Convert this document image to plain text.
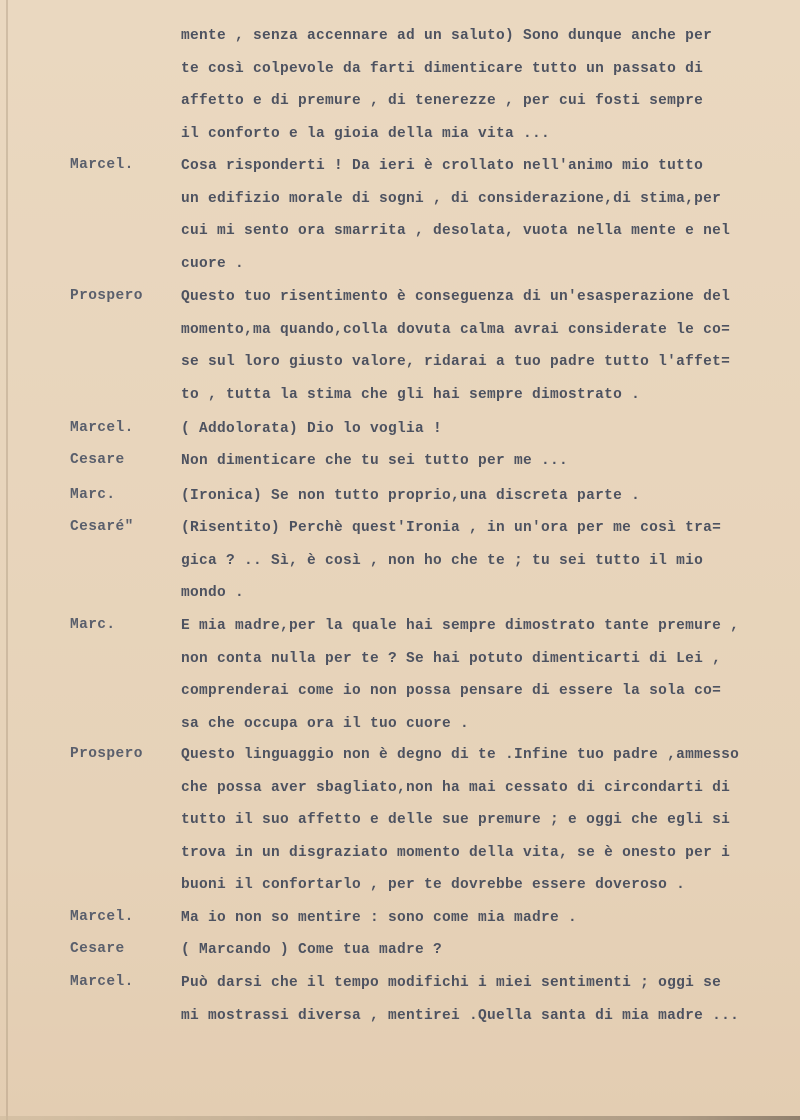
mente , senza accennare ad un saluto) Sono dunque anche per
te così colpevole da farti dimenticare tutto un passato di
affetto e di premure , di tenerezze , per cui fosti sempre
il conforto e la gioia della mia vita ...
Marcel.	Cosa risponderti ! Da ieri è crollato nell'animo mio tutto
un edifizio morale di sogni , di considerazione,di stima,per
cui mi sento ora smarrita , desolata, vuota nella mente e nel
cuore .
Prospero	Questo tuo risentimento è conseguenza di un'esasperazione del
momento,ma quando,colla dovuta calma avrai considerate le co=
se sul loro giusto valore, ridarai a tuo padre tutto l'affet=
to , tutta la stima che gli hai sempre dimostrato .
Marcel.	( Addolorata) Dio lo voglia !
Cesare	Non dimenticare che tu sei tutto per me ...
Marc.	(Ironica) Se non tutto proprio,una discreta parte .
Cesaré"	(Risentito) Perchè quest'Ironia , in un'ora per me così tra=
gica ? .. Sì, è così , non ho che te ; tu sei tutto il mio
mondo .
Marc.	E mia madre,per la quale hai sempre dimostrato tante premure ,
non conta nulla per te ? Se hai potuto dimenticarti di Lei ,
comprenderai come io non possa pensare di essere la sola co=
sa che occupa ora il tuo cuore .
Prospero	Questo linguaggio non è degno di te .Infine tuo padre ,ammesso
che possa aver sbagliato,non ha mai cessato di circondarti di
tutto il suo affetto e delle sue premure ; e oggi che egli si
trova in un disgraziato momento della vita, se è onesto per i
buoni il confortarlo , per te dovrebbe essere doveroso .
Marcel.	Ma io non so mentire : sono come mia madre .
Cesare	( Marcando ) Come tua madre ?
Marcel.	Può darsi che il tempo modifichi i miei sentimenti ; oggi se
mi mostrassi diversa , mentirei .Quella santa di mia madre ...
